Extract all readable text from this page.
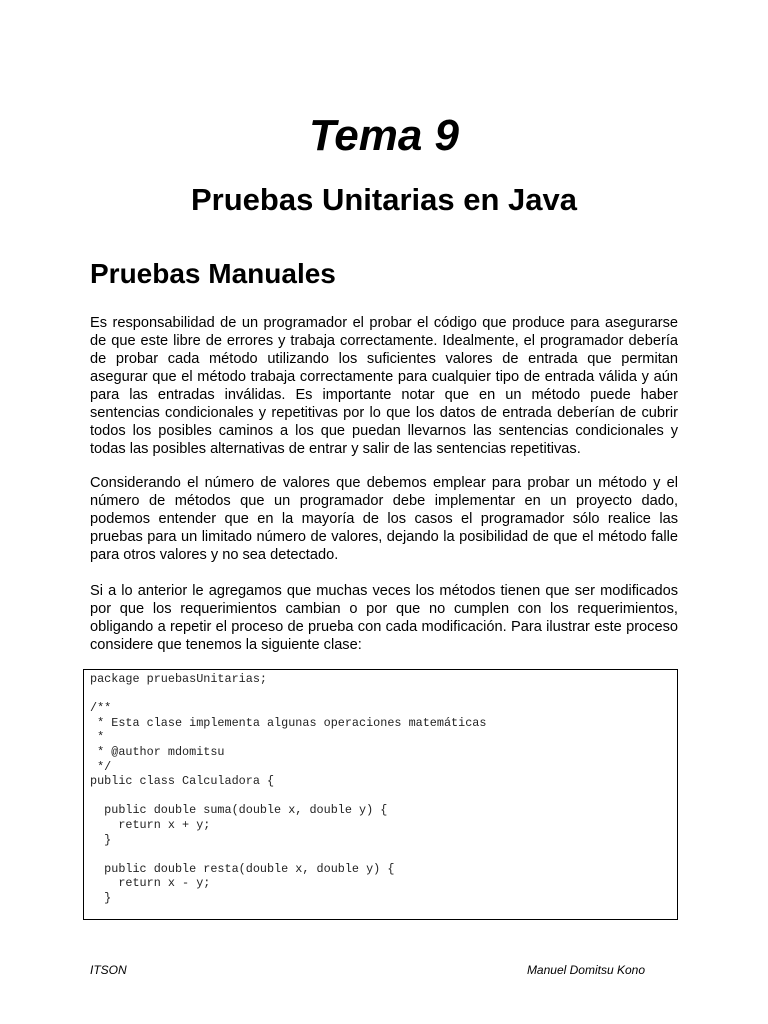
Tema 9
Pruebas Unitarias en Java
Pruebas Manuales

Es responsabilidad de un programador el probar el código que produce para asegurarse de que este libre de errores y trabaja correctamente. Idealmente, el programador debería de probar cada método utilizando los suficientes valores de entrada que permitan asegurar que el método trabaja correctamente para cualquier tipo de entrada válida y aún para las entradas inválidas. Es importante notar que en un método puede haber sentencias condicionales y repetitivas por lo que los datos de entrada deberían de cubrir todos los posibles caminos a los que puedan llevarnos las sentencias condicionales y todas las posibles alternativas de entrar y salir de las sentencias repetitivas.

Considerando el número de valores que debemos emplear para probar un método y el número de métodos que un programador debe implementar en un proyecto dado, podemos entender que en la mayoría de los casos el programador sólo realice las pruebas para un limitado número de valores, dejando la posibilidad de que el método falle para otros valores y no sea detectado.

Si a lo anterior le agregamos que muchas veces los métodos tienen que ser modificados por que los requerimientos cambian o por que no cumplen con los requerimientos, obligando a repetir el proceso de prueba con cada modificación. Para ilustrar este proceso considere que tenemos la siguiente clase:

package pruebasUnitarias;

/**
* Esta clase implementa algunas operaciones matemáticas
*
* @author mdomitsu
*/
public class Calculadora {

public double suma(double x, double y) {
return x + y;
}

public double resta(double x, double y) {
return x - y;
}
ITSON	Manuel Domitsu Kono
